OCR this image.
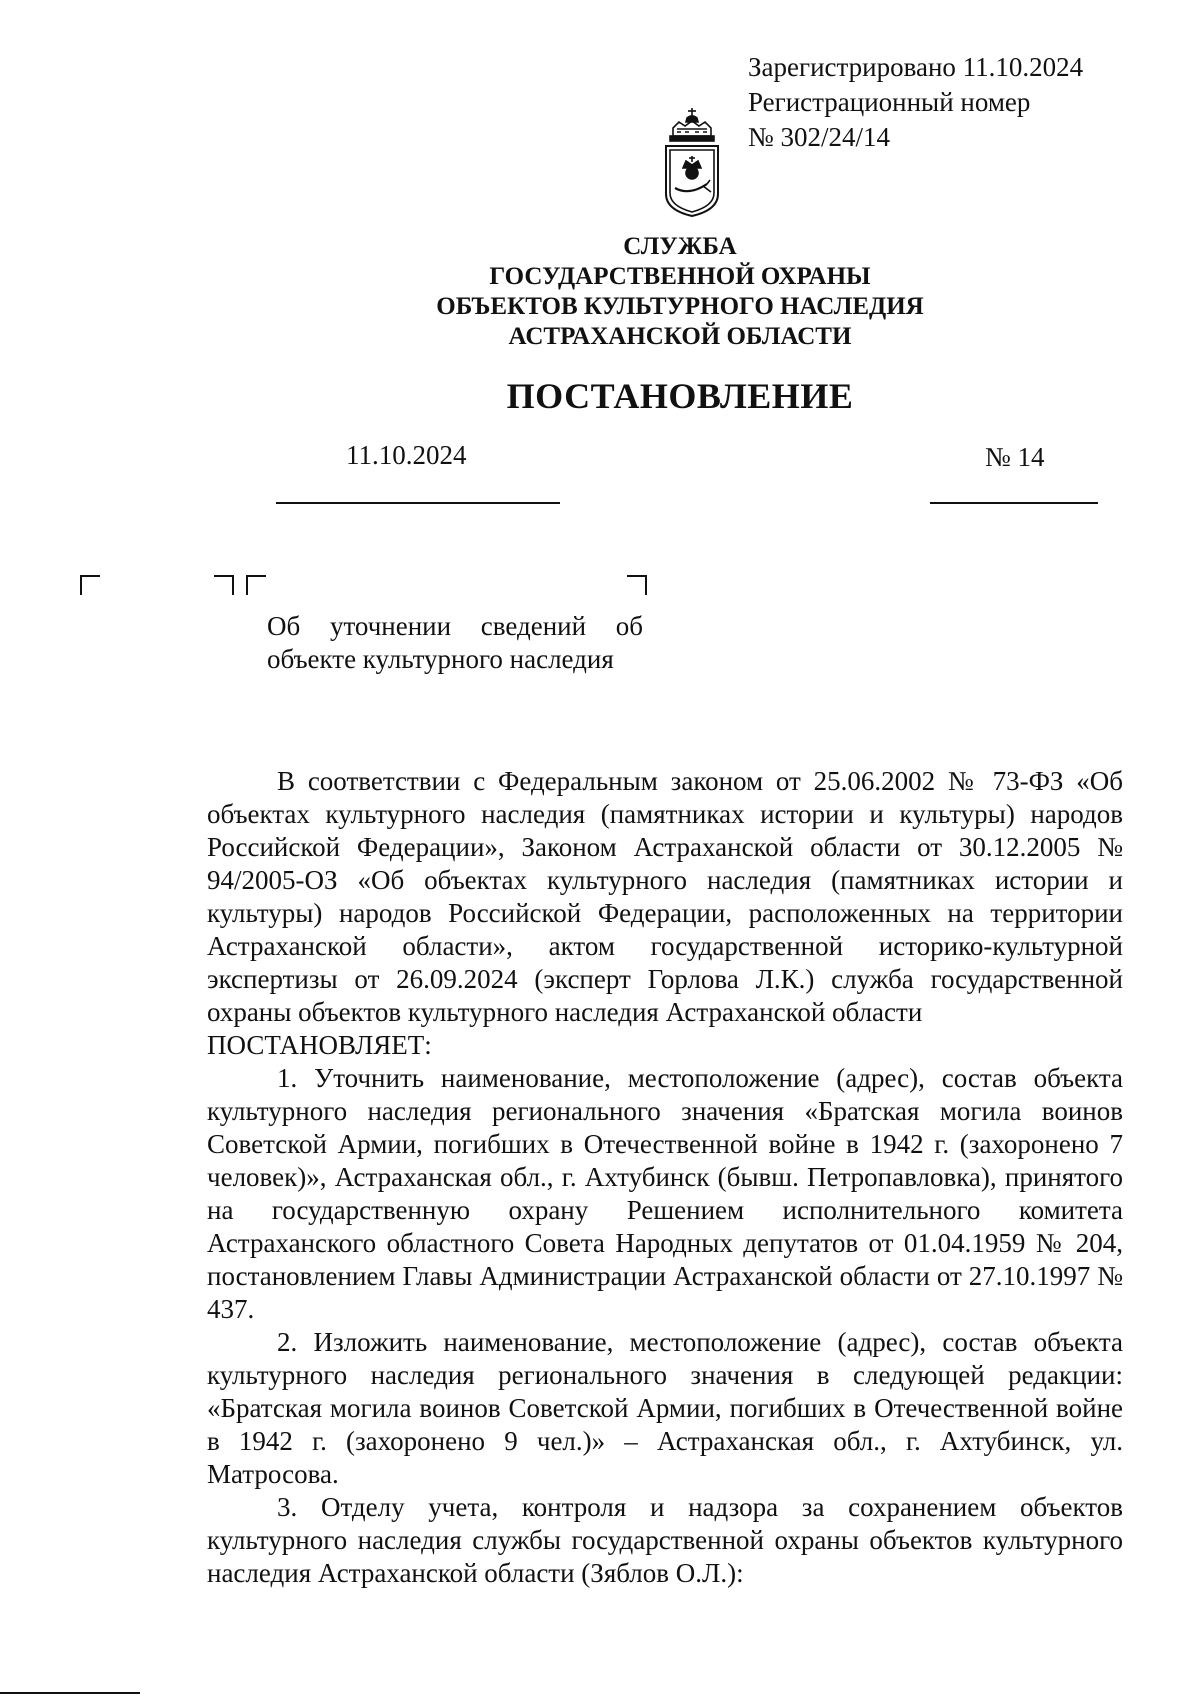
Зарегистрировано 11.10.2024
Регистрационный номер
№ 302/24/14
СЛУЖБА
ГОСУДАРСТВЕННОЙ ОХРАНЫ
ОБЪЕКТОВ КУЛЬТУРНОГО НАСЛЕДИЯ
АСТРАХАНСКОЙ ОБЛАСТИ
ПОСТАНОВЛЕНИЕ
11.10.2024	№ 14
Об уточнении сведений об объекте культурного наследия

В соответствии с Федеральным законом от 25.06.2002 № 73-ФЗ «Об объектах культурного наследия (памятниках истории и культуры) народов Российской Федерации», Законом Астраханской области от 30.12.2005 № 94/2005-ОЗ «Об объектах культурного наследия (памятниках истории и культуры) народов Российской Федерации, расположенных на территории Астраханской области», актом государственной историко-культурной экспертизы от 26.09.2024 (эксперт Горлова Л.К.) служба государственной охраны объектов культурного наследия Астраханской области

ПОСТАНОВЛЯЕТ:

1. Уточнить наименование, местоположение (адрес), состав объекта культурного наследия регионального значения «Братская могила воинов Советской Армии, погибших в Отечественной войне в 1942 г. (захоронено 7 человек)», Астраханская обл., г. Ахтубинск (бывш. Петропавловка), принятого на государственную охрану Решением исполнительного комитета Астраханского областного Совета Народных депутатов от 01.04.1959 № 204, постановлением Главы Администрации Астраханской области от 27.10.1997 № 437.

2. Изложить наименование, местоположение (адрес), состав объекта культурного наследия регионального значения в следующей редакции: «Братская могила воинов Советской Армии, погибших в Отечественной войне в 1942 г. (захоронено 9 чел.)» – Астраханская обл., г. Ахтубинск, ул. Матросова.

3. Отделу учета, контроля и надзора за сохранением объектов культурного наследия службы государственной охраны объектов культурного наследия Астраханской области (Зяблов О.Л.):
